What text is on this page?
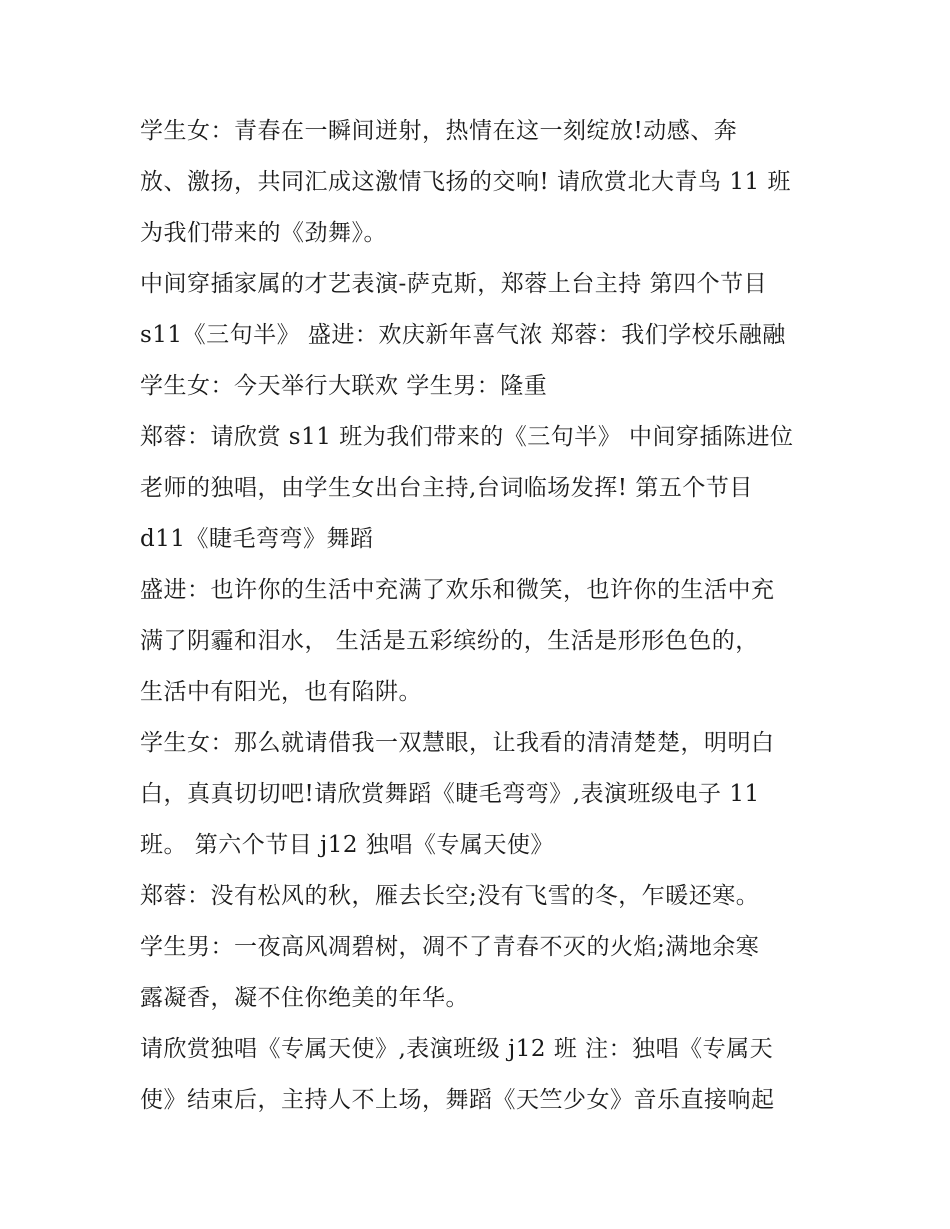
学生女：青春在一瞬间迸射，热情在这一刻绽放!动感、奔
放、激扬，共同汇成这激情飞扬的交响! 请欣赏北大青鸟 11 班
为我们带来的《劲舞》。
中间穿插家属的才艺表演-萨克斯，郑蓉上台主持 第四个节目
s11《三句半》 盛进：欢庆新年喜气浓 郑蓉：我们学校乐融融
学生女：今天举行大联欢 学生男：隆重
郑蓉：请欣赏 s11 班为我们带来的《三句半》 中间穿插陈进位
老师的独唱，由学生女出台主持,台词临场发挥! 第五个节目
d11《睫毛弯弯》舞蹈
盛进：也许你的生活中充满了欢乐和微笑，也许你的生活中充
满了阴霾和泪水， 生活是五彩缤纷的，生活是形形色色的，
生活中有阳光，也有陷阱。
学生女：那么就请借我一双慧眼，让我看的清清楚楚，明明白
白，真真切切吧!请欣赏舞蹈《睫毛弯弯》,表演班级电子 11
班。 第六个节目 j12 独唱《专属天使》
郑蓉：没有松风的秋，雁去长空;没有飞雪的冬，乍暖还寒。
学生男：一夜高风凋碧树，凋不了青春不灭的火焰;满地余寒
露凝香，凝不住你绝美的年华。
请欣赏独唱《专属天使》,表演班级 j12 班 注：独唱《专属天
使》结束后，主持人不上场，舞蹈《天竺少女》音乐直接响起
